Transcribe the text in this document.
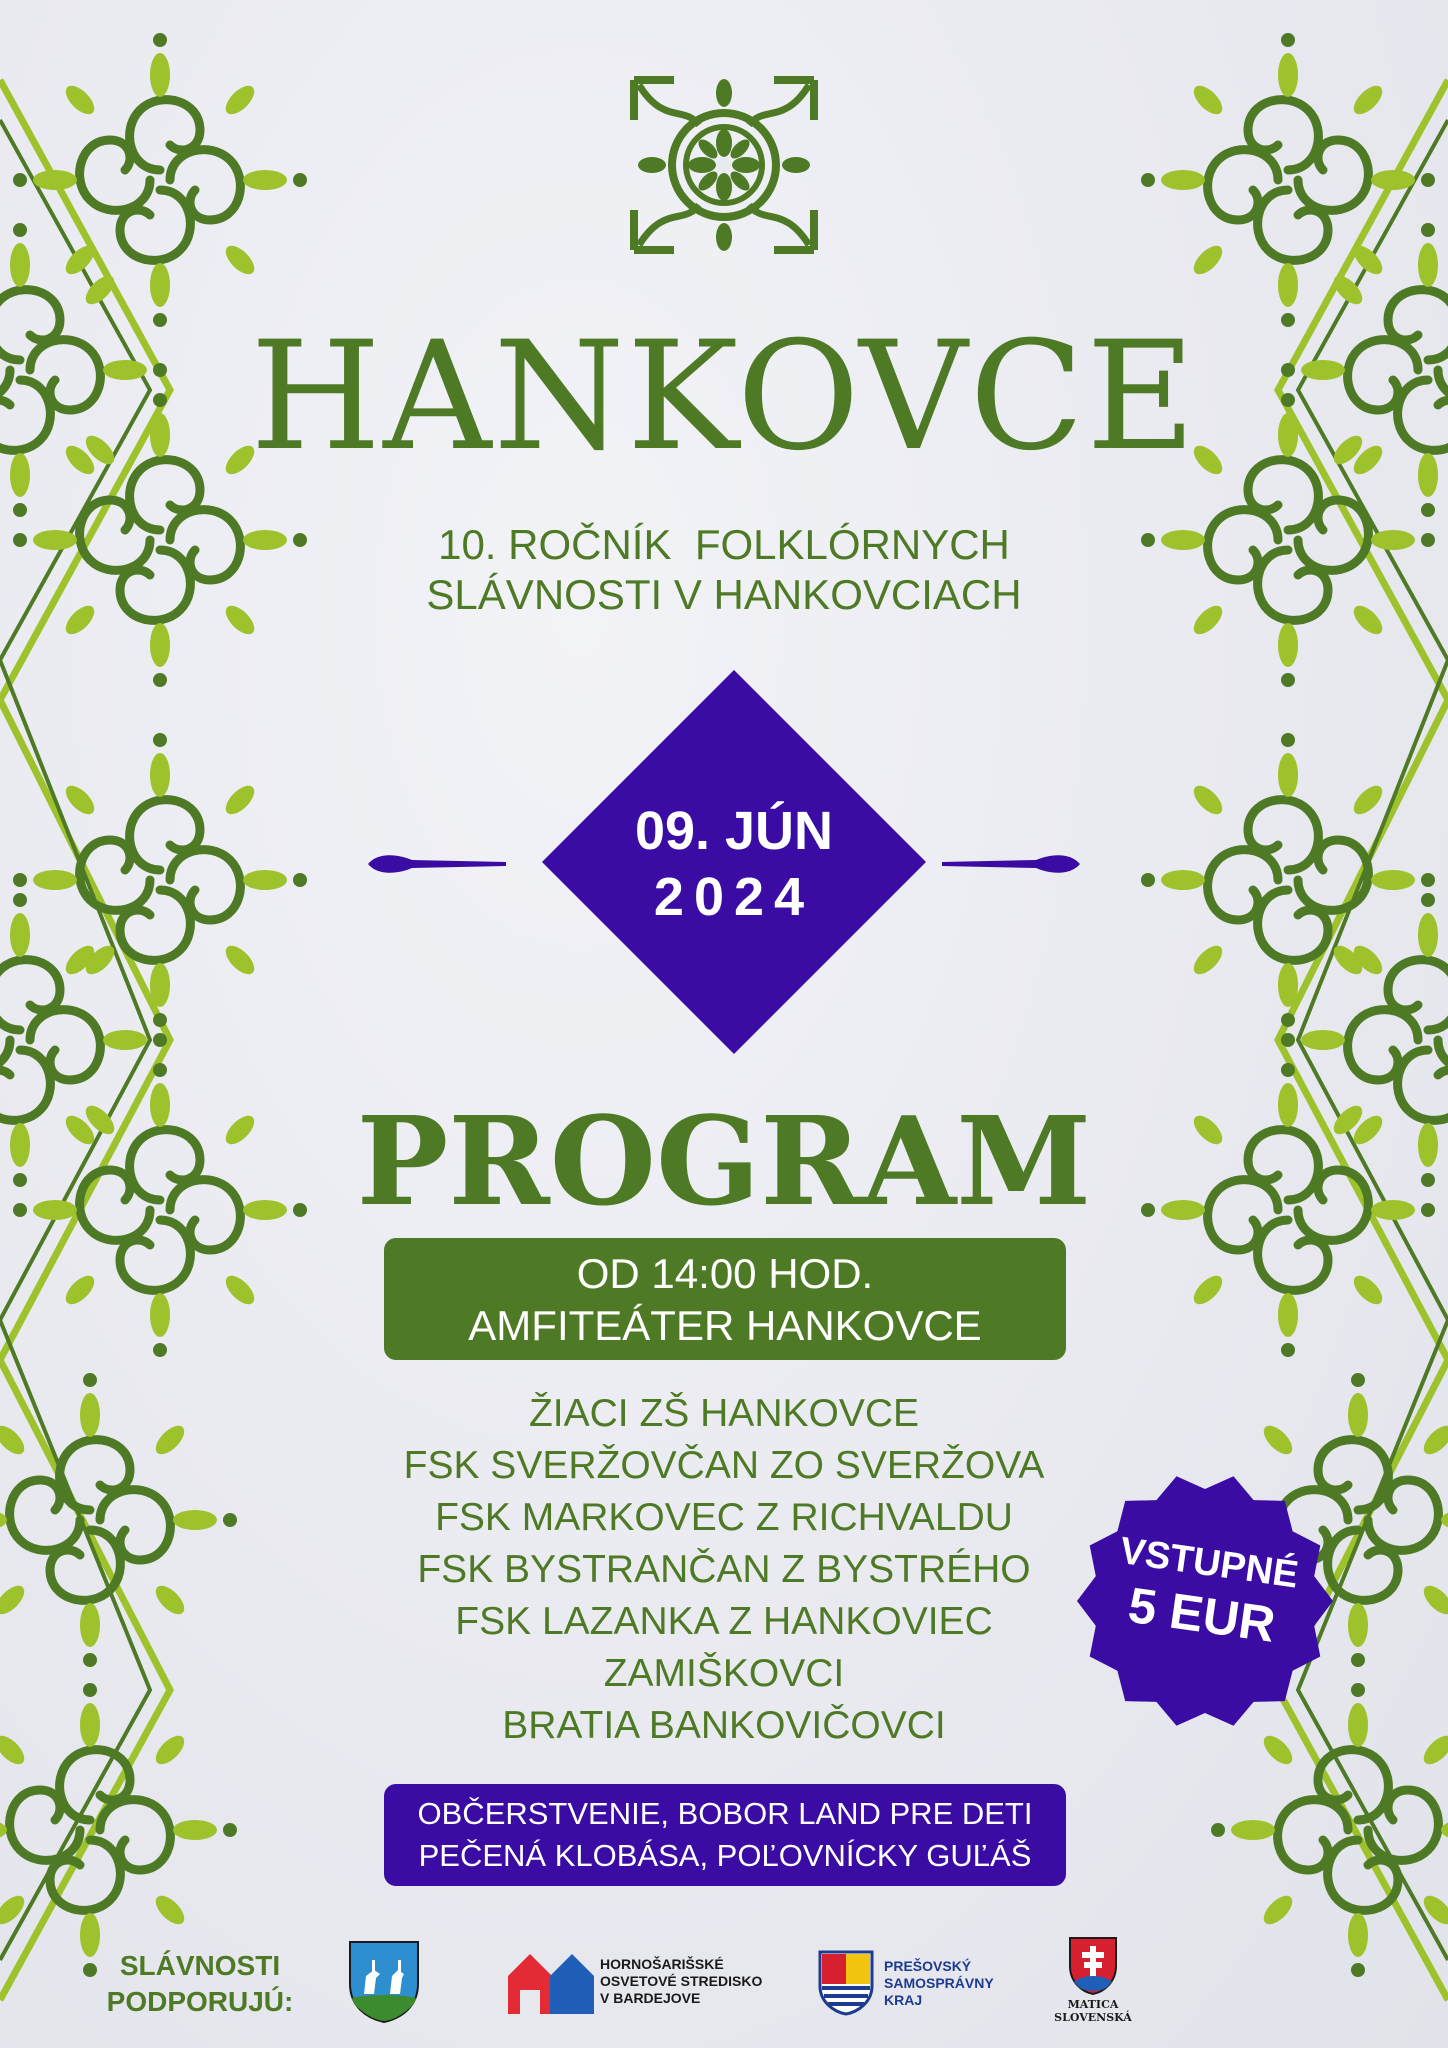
HANKOVCE
10. ROČNÍK  FOLKLÓRNYCH
SLÁVNOSTI V HANKOVCIACH
09. JÚN
2024
PROGRAM
OD 14:00 HOD.
AMFITEÁTER HANKOVCE
ŽIACI ZŠ HANKOVCE
FSK SVERŽOVČAN ZO SVERŽOVA
FSK MARKOVEC Z RICHVALDU
FSK BYSTRANČAN Z BYSTRÉHO
FSK LAZANKA Z HANKOVIEC
ZAMIŠKOVCI
BRATIA BANKOVIČOVCI
VSTUPNÉ
5 EUR
OBČERSTVENIE, BOBOR LAND PRE DETI
PEČENÁ KLOBÁSA, POĽOVNÍCKY GUĽÁŠ
SLÁVNOSTI
PODPORUJÚ:
HORNOŠARIŠSKÉ
OSVETOVÉ STREDISKO
V BARDEJOVE
PREŠOVSKÝ
SAMOSPRÁVNY
KRAJ	MATICA
SLOVENSKÁ
